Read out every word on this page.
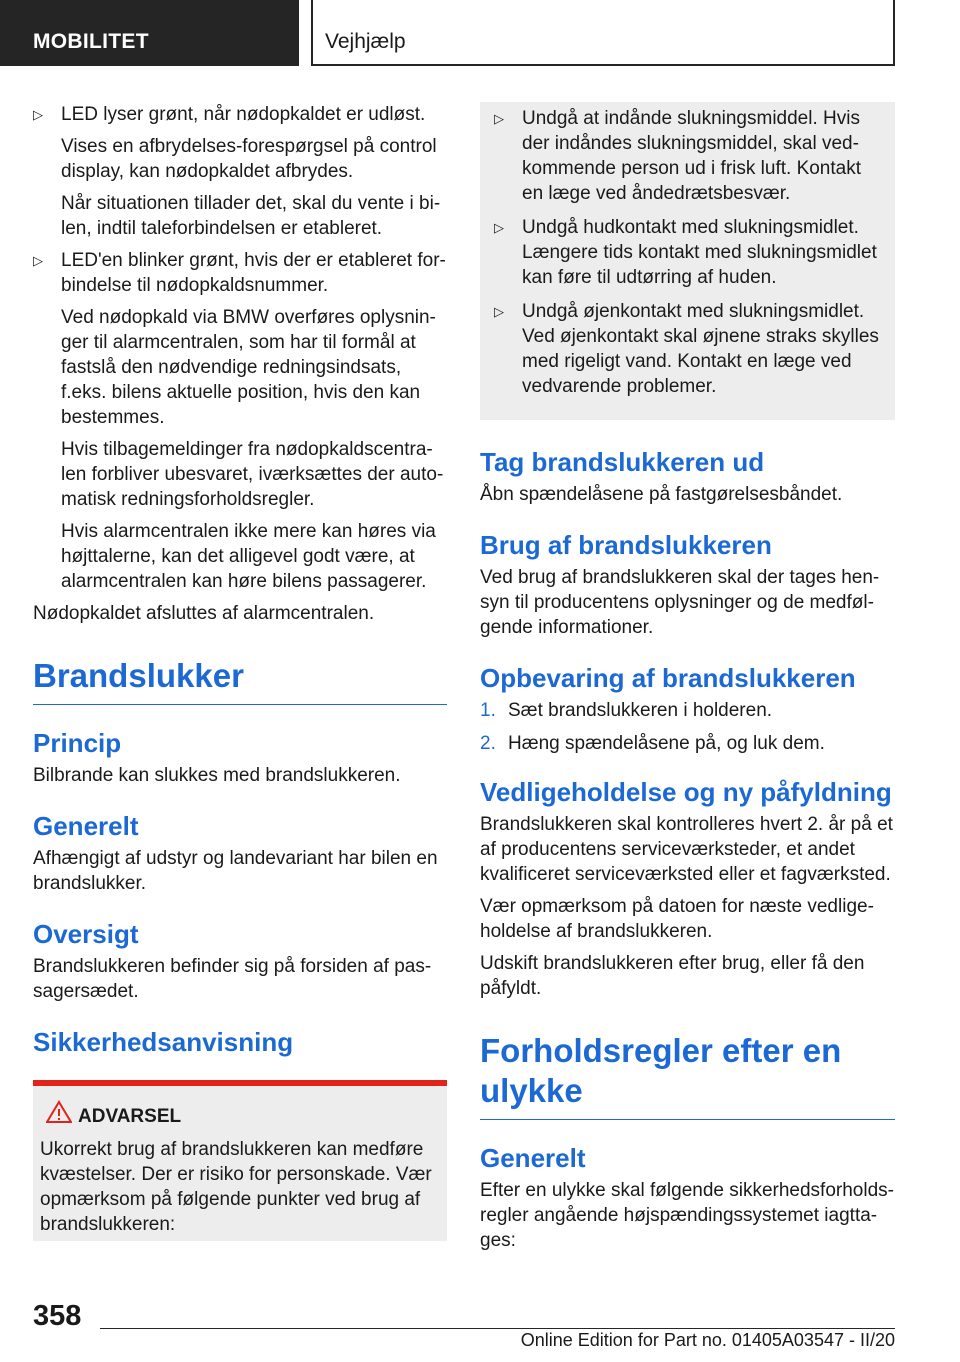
MOBILITET	Vejhjælp
▷ LED lyser grønt, når nødopkaldet er udløst.

Vises en afbrydelses-forespørgsel på control display, kan nødopkaldet afbrydes.

Når situationen tillader det, skal du vente i bi-len, indtil taleforbindelsen er etableret.

▷ LED'en blinker grønt, hvis der er etableret for-bindelse til nødopkaldsnummer.

Ved nødopkald via BMW overføres oplysnin-ger til alarmcentralen, som har til formål at fastslå den nødvendige redningsindsats, f.eks. bilens aktuelle position, hvis den kan bestemmes.

Hvis tilbagemeldinger fra nødopkaldscentra-len forbliver ubesvaret, iværksættes der auto-matisk redningsforholdsregler.

Hvis alarmcentralen ikke mere kan høres via højttalerne, kan det alligevel godt være, at alarmcentralen kan høre bilens passagerer.

Nødopkaldet afsluttes af alarmcentralen.

Brandslukker
Princip

Bilbrande kan slukkes med brandslukkeren.

Generelt

Afhængigt af udstyr og landevariant har bilen en brandslukker.

Oversigt

Brandslukkeren befinder sig på forsiden af pas-sagersædet.

Sikkerhedsanvisning
ADVARSEL

Ukorrekt brug af brandslukkeren kan medføre kvæstelser. Der er risiko for personskade. Vær opmærksom på følgende punkter ved brug af brandslukkeren:

▷ Undgå at indånde slukningsmiddel. Hvis der indåndes slukningsmiddel, skal ved-kommende person ud i frisk luft. Kontakt en læge ved åndedrætsbesvær.

▷ Undgå hudkontakt med slukningsmidlet. Længere tids kontakt med slukningsmidlet kan føre til udtørring af huden.

▷ Undgå øjenkontakt med slukningsmidlet. Ved øjenkontakt skal øjnene straks skylles med rigeligt vand. Kontakt en læge ved vedvarende problemer.

Tag brandslukkeren ud

Åbn spændelåsene på fastgørelsesbåndet.

Brug af brandslukkeren

Ved brug af brandslukkeren skal der tages hen-syn til producentens oplysninger og de medføl-gende informationer.

Opbevaring af brandslukkeren
1. Sæt brandslukkeren i holderen.
2. Hæng spændelåsene på, og luk dem.
Vedligeholdelse og ny påfyldning

Brandslukkeren skal kontrolleres hvert 2. år på et af producentens serviceværksteder, et andet kvalificeret serviceværksted eller et fagværksted.

Vær opmærksom på datoen for næste vedlige-holdelse af brandslukkeren.

Udskift brandslukkeren efter brug, eller få den påfyldt.

Forholdsregler efter en ulykke
Generelt

Efter en ulykke skal følgende sikkerhedsforholds-regler angående højspændingssystemet iagtta-ges:

358
Online Edition for Part no. 01405A03547 - II/20
